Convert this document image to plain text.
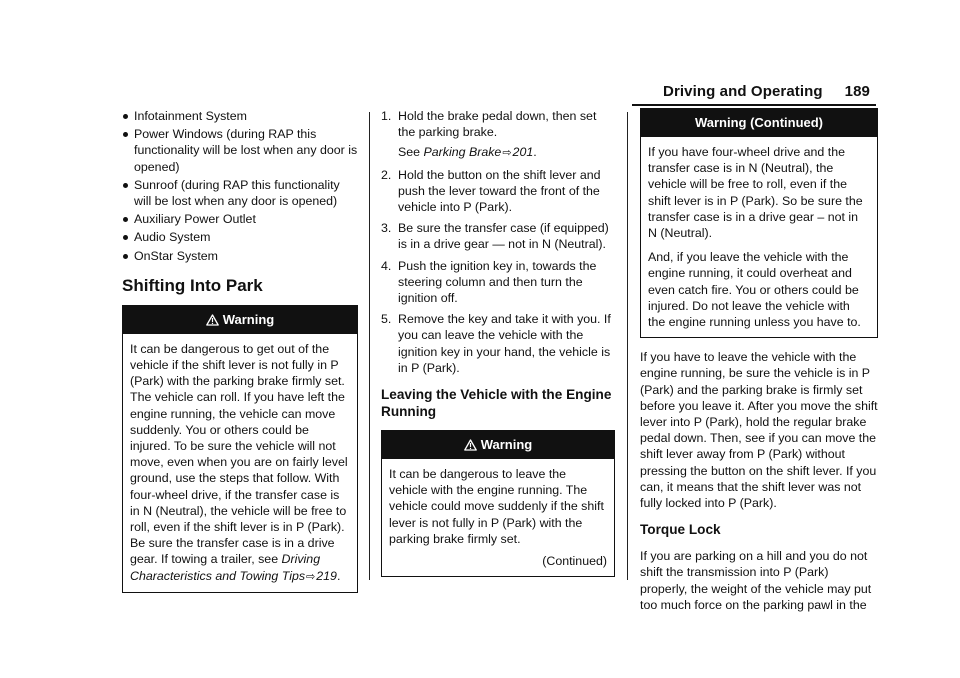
Driving and Operating 189
Infotainment System
Power Windows (during RAP this functionality will be lost when any door is opened)
Sunroof (during RAP this functionality will be lost when any door is opened)
Auxiliary Power Outlet
Audio System
OnStar System
Shifting Into Park
Warning

It can be dangerous to get out of the vehicle if the shift lever is not fully in P (Park) with the parking brake firmly set. The vehicle can roll. If you have left the engine running, the vehicle can move suddenly. You or others could be injured. To be sure the vehicle will not move, even when you are on fairly level ground, use the steps that follow. With four-wheel drive, if the transfer case is in N (Neutral), the vehicle will be free to roll, even if the shift lever is in P (Park). Be sure the transfer case is in a drive gear. If towing a trailer, see Driving Characteristics and Towing Tips⇨219.

1. Hold the brake pedal down, then set the parking brake.
See Parking Brake⇨201.
2. Hold the button on the shift lever and push the lever toward the front of the vehicle into P (Park).
3. Be sure the transfer case (if equipped) is in a drive gear — not in N (Neutral).
4. Push the ignition key in, towards the steering column and then turn the ignition off.
5. Remove the key and take it with you. If you can leave the vehicle with the ignition key in your hand, the vehicle is in P (Park).
Leaving the Vehicle with the Engine Running
Warning

It can be dangerous to leave the vehicle with the engine running. The vehicle could move suddenly if the shift lever is not fully in P (Park) with the parking brake firmly set.

(Continued)
Warning (Continued)

If you have four-wheel drive and the transfer case is in N (Neutral), the vehicle will be free to roll, even if the shift lever is in P (Park). So be sure the transfer case is in a drive gear – not in N (Neutral).

And, if you leave the vehicle with the engine running, it could overheat and even catch fire. You or others could be injured. Do not leave the vehicle with the engine running unless you have to.

If you have to leave the vehicle with the engine running, be sure the vehicle is in P (Park) and the parking brake is firmly set before you leave it. After you move the shift lever into P (Park), hold the regular brake pedal down. Then, see if you can move the shift lever away from P (Park) without pressing the button on the shift lever. If you can, it means that the shift lever was not fully locked into P (Park).

Torque Lock

If you are parking on a hill and you do not shift the transmission into P (Park) properly, the weight of the vehicle may put too much force on the parking pawl in the
